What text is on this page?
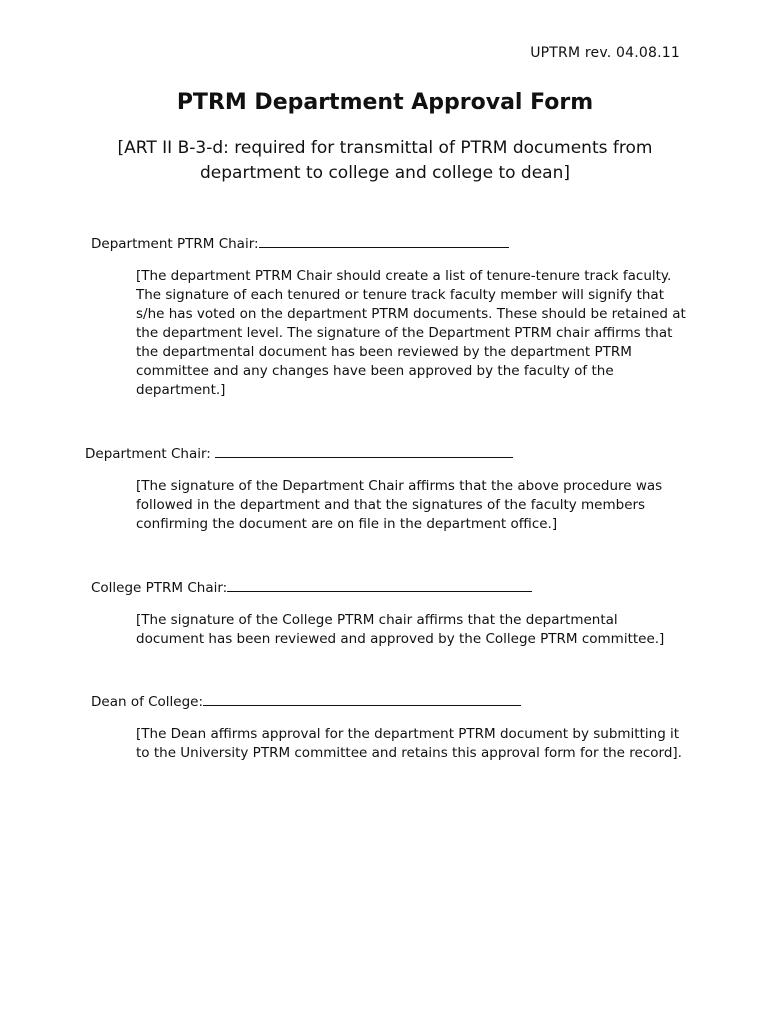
UPTRM rev. 04.08.11
PTRM Department Approval Form

[ART II B-3-d: required for transmittal of PTRM documents from department to college and college to dean]

Department PTRM Chair:

[The department PTRM Chair should create a list of tenure-tenure track faculty. The signature of each tenured or tenure track faculty member will signify that s/he has voted on the department PTRM documents. These should be retained at the department level. The signature of the Department PTRM chair affirms that the departmental document has been reviewed by the department PTRM committee and any changes have been approved by the faculty of the department.]

Department Chair:

[The signature of the Department Chair affirms that the above procedure was followed in the department and that the signatures of the faculty members confirming the document are on file in the department office.]

College PTRM Chair:

[The signature of the College PTRM chair affirms that the departmental document has been reviewed and approved by the College PTRM committee.]

Dean of College:

[The Dean affirms approval for the department PTRM document by submitting it to the University PTRM committee and retains this approval form for the record].
